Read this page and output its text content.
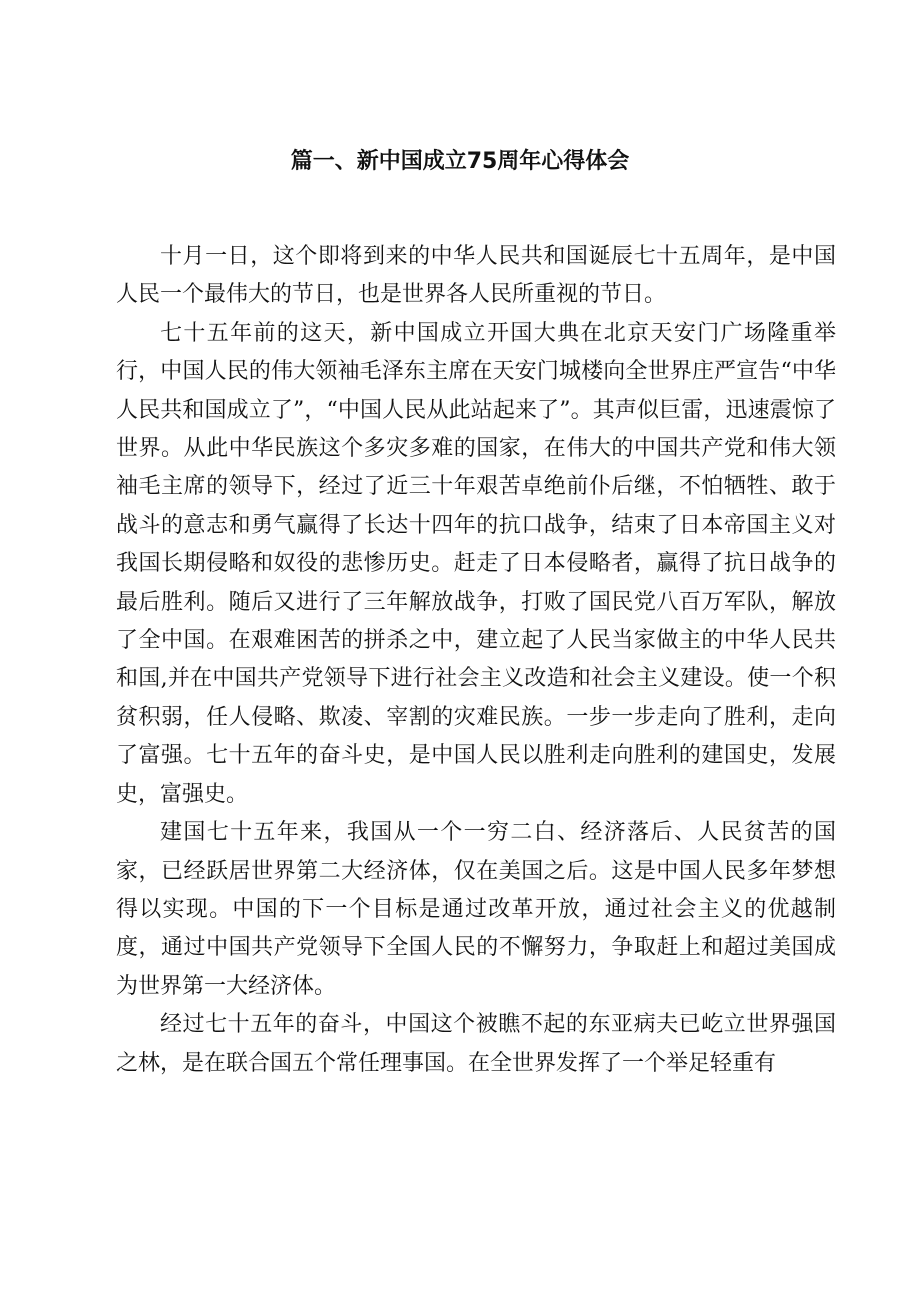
篇一、新中国成立75周年心得体会

十月一日，这个即将到来的中华人民共和国诞辰七十五周年，是中国人民一个最伟大的节日，也是世界各人民所重视的节日。

七十五年前的这天，新中国成立开国大典在北京天安门广场隆重举行，中国人民的伟大领袖毛泽东主席在天安门城楼向全世界庄严宣告“中华人民共和国成立了”，“中国人民从此站起来了”。其声似巨雷，迅速震惊了世界。从此中华民族这个多灾多难的国家，在伟大的中国共产党和伟大领袖毛主席的领导下，经过了近三十年艰苦卓绝前仆后继，不怕牺牲、敢于战斗的意志和勇气赢得了长达十四年的抗口战争，结束了日本帝国主义对我国长期侵略和奴役的悲惨历史。赶走了日本侵略者，赢得了抗日战争的最后胜利。随后又进行了三年解放战争，打败了国民党八百万军队，解放了全中国。在艰难困苦的拼杀之中，建立起了人民当家做主的中华人民共和国,并在中国共产党领导下进行社会主义改造和社会主义建设。使一个积贫积弱，任人侵略、欺凌、宰割的灾难民族。一步一步走向了胜利，走向了富强。七十五年的奋斗史，是中国人民以胜利走向胜利的建国史，发展史，富强史。

建国七十五年来，我国从一个一穷二白、经济落后、人民贫苦的国家，已经跃居世界第二大经济体，仅在美国之后。这是中国人民多年梦想得以实现。中国的下一个目标是通过改革开放，通过社会主义的优越制度，通过中国共产党领导下全国人民的不懈努力，争取赶上和超过美国成为世界第一大经济体。

经过七十五年的奋斗，中国这个被瞧不起的东亚病夫已屹立世界强国之林，是在联合国五个常任理事国。在全世界发挥了一个举足轻重有
